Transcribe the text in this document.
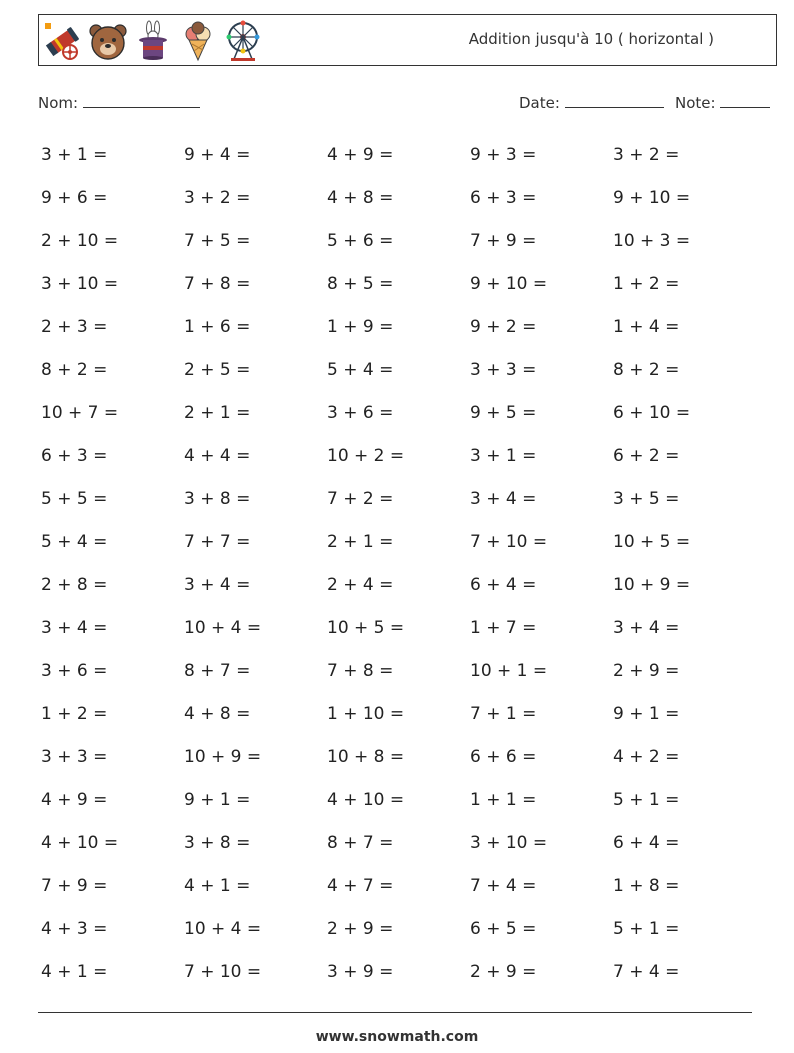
Addition jusqu'à 10 ( horizontal )
Nom:	Date:	Note:
3 + 1 =	9 + 4 =	4 + 9 =	9 + 3 =	3 + 2 =
9 + 6 =	3 + 2 =	4 + 8 =	6 + 3 =	9 + 10 =
2 + 10 =	7 + 5 =	5 + 6 =	7 + 9 =	10 + 3 =
3 + 10 =	7 + 8 =	8 + 5 =	9 + 10 =	1 + 2 =
2 + 3 =	1 + 6 =	1 + 9 =	9 + 2 =	1 + 4 =
8 + 2 =	2 + 5 =	5 + 4 =	3 + 3 =	8 + 2 =
10 + 7 =	2 + 1 =	3 + 6 =	9 + 5 =	6 + 10 =
6 + 3 =	4 + 4 =	10 + 2 =	3 + 1 =	6 + 2 =
5 + 5 =	3 + 8 =	7 + 2 =	3 + 4 =	3 + 5 =
5 + 4 =	7 + 7 =	2 + 1 =	7 + 10 =	10 + 5 =
2 + 8 =	3 + 4 =	2 + 4 =	6 + 4 =	10 + 9 =
3 + 4 =	10 + 4 =	10 + 5 =	1 + 7 =	3 + 4 =
3 + 6 =	8 + 7 =	7 + 8 =	10 + 1 =	2 + 9 =
1 + 2 =	4 + 8 =	1 + 10 =	7 + 1 =	9 + 1 =
3 + 3 =	10 + 9 =	10 + 8 =	6 + 6 =	4 + 2 =
4 + 9 =	9 + 1 =	4 + 10 =	1 + 1 =	5 + 1 =
4 + 10 =	3 + 8 =	8 + 7 =	3 + 10 =	6 + 4 =
7 + 9 =	4 + 1 =	4 + 7 =	7 + 4 =	1 + 8 =
4 + 3 =	10 + 4 =	2 + 9 =	6 + 5 =	5 + 1 =
4 + 1 =	7 + 10 =	3 + 9 =	2 + 9 =	7 + 4 =
www.snowmath.com
